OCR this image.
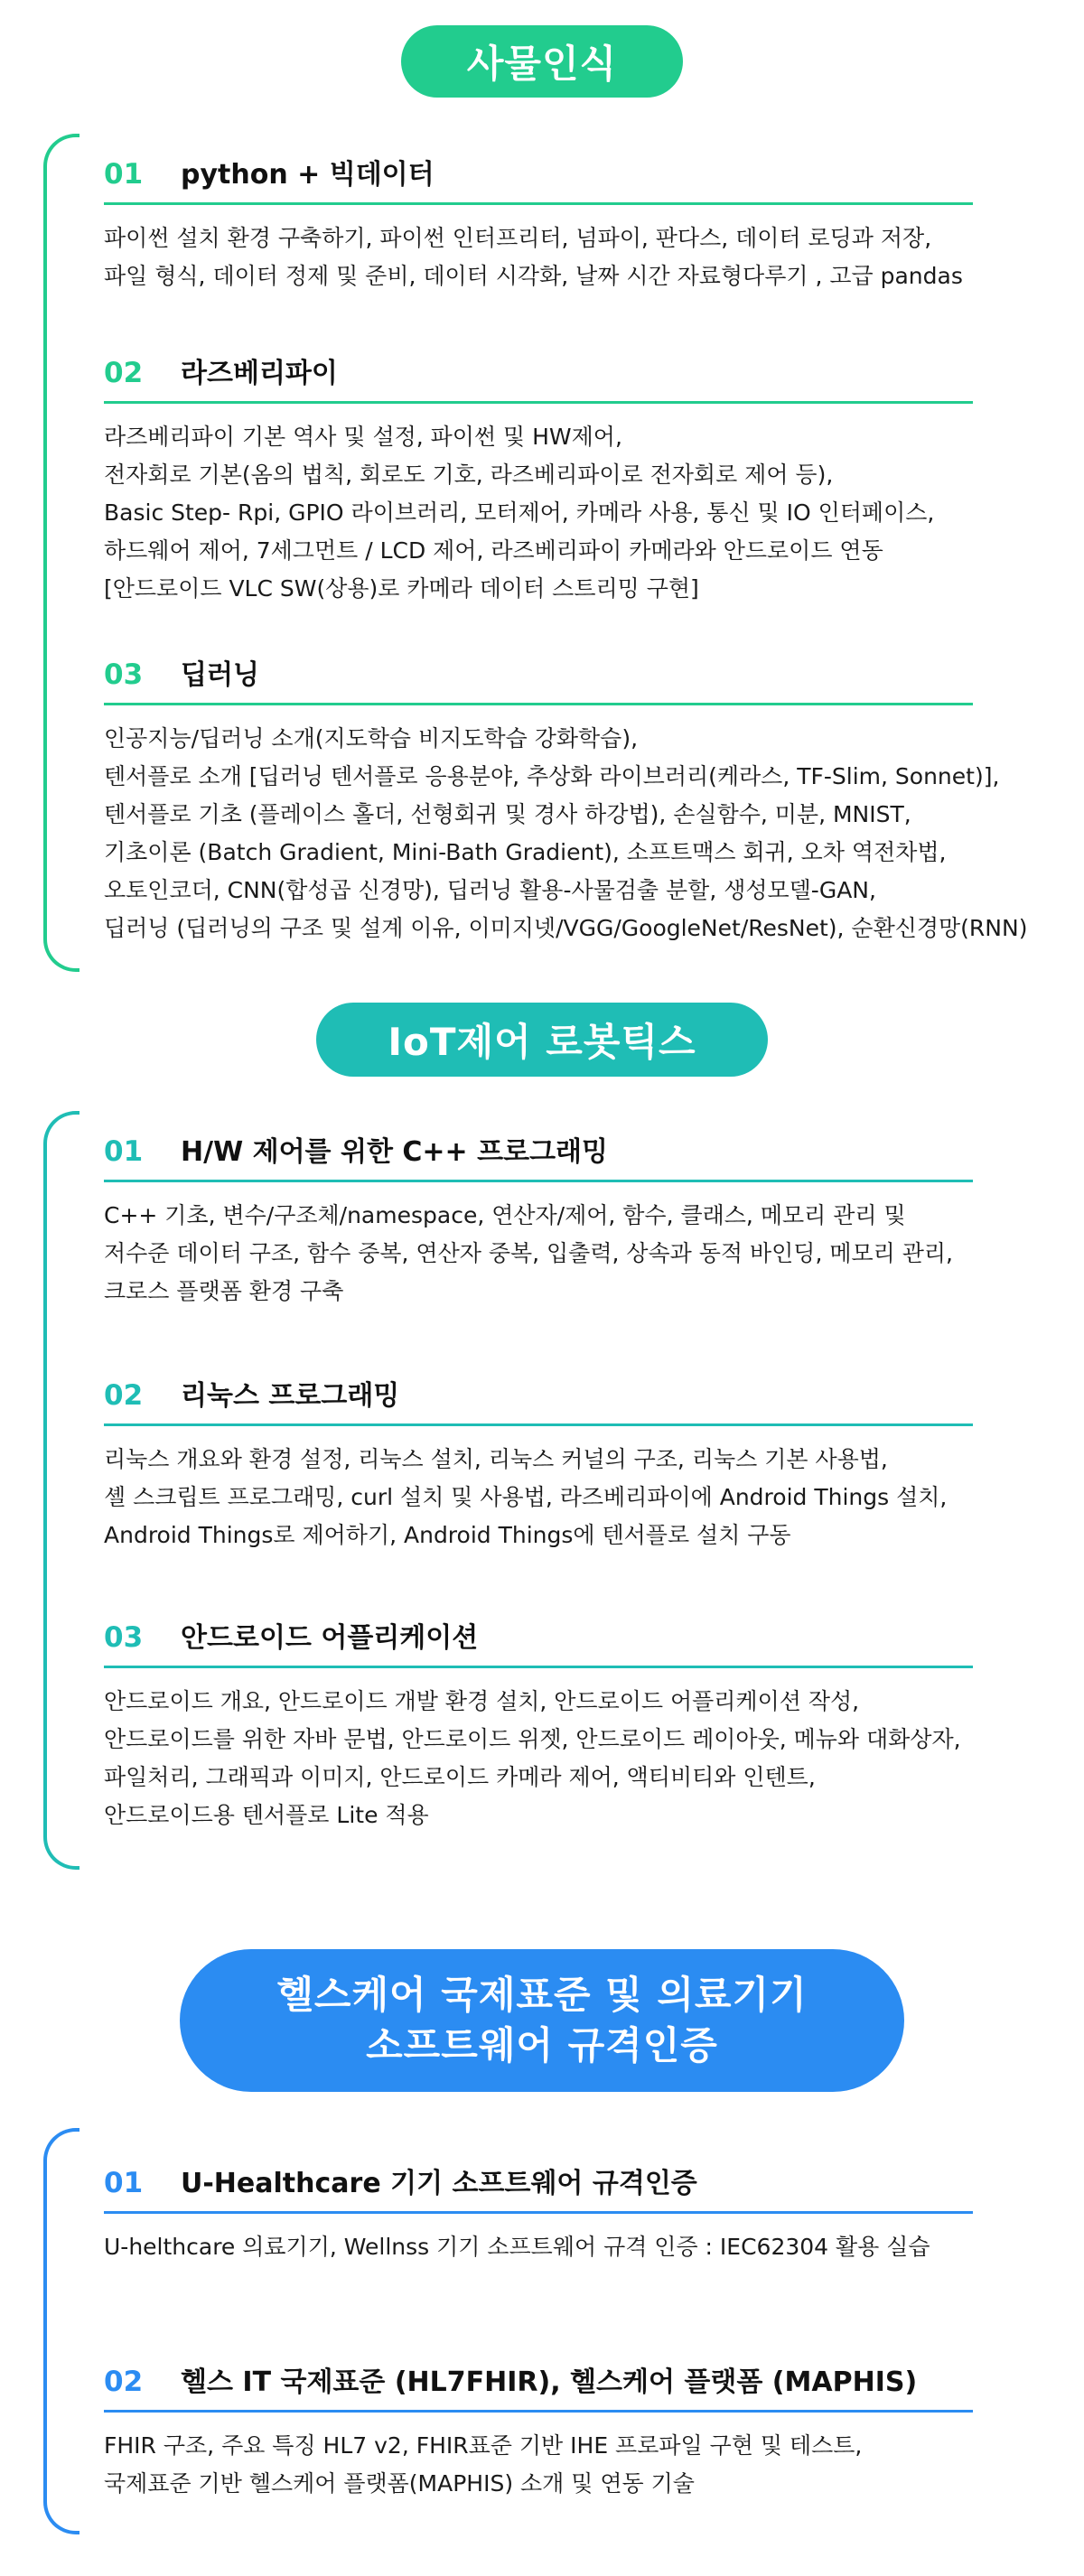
사물인식
01	python + 빅데이터
파이썬 설치 환경 구축하기, 파이썬 인터프리터, 넘파이, 판다스, 데이터 로딩과 저장,
파일 형식, 데이터 정제 및 준비, 데이터 시각화, 날짜 시간 자료형다루기 , 고급 pandas
02	라즈베리파이
라즈베리파이 기본 역사 및 설정, 파이썬 및 HW제어,
전자회로 기본(옴의 법칙, 회로도 기호, 라즈베리파이로 전자회로 제어 등),
Basic Step- Rpi, GPIO 라이브러리, 모터제어, 카메라 사용, 통신 및 IO 인터페이스,
하드웨어 제어, 7세그먼트 / LCD 제어, 라즈베리파이 카메라와 안드로이드 연동
[안드로이드 VLC SW(상용)로 카메라 데이터 스트리밍 구현]
03	딥러닝
인공지능/딥러닝 소개(지도학습 비지도학습 강화학습),
텐서플로 소개 [딥러닝 텐서플로 응용분야, 추상화 라이브러리(케라스, TF-Slim, Sonnet)],
텐서플로 기초 (플레이스 홀더, 선형회귀 및 경사 하강법), 손실함수, 미분, MNIST,
기초이론 (Batch Gradient, Mini-Bath Gradient), 소프트맥스 회귀, 오차 역전차법,
오토인코더, CNN(합성곱 신경망), 딥러닝 활용-사물검출 분할, 생성모델-GAN,
딥러닝 (딥러닝의 구조 및 설계 이유, 이미지넷/VGG/GoogleNet/ResNet), 순환신경망(RNN)
IoT제어 로봇틱스
01	H/W 제어를 위한 C++ 프로그래밍
C++ 기초, 변수/구조체/namespace, 연산자/제어, 함수, 클래스, 메모리 관리 및
저수준 데이터 구조, 함수 중복, 연산자 중복, 입출력, 상속과 동적 바인딩, 메모리 관리,
크로스 플랫폼 환경 구축
02	리눅스 프로그래밍
리눅스 개요와 환경 설정, 리눅스 설치, 리눅스 커널의 구조, 리눅스 기본 사용법,
셸 스크립트 프로그래밍, curl 설치 및 사용법, 라즈베리파이에 Android Things 설치,
Android Things로 제어하기, Android Things에 텐서플로 설치 구동
03	안드로이드 어플리케이션
안드로이드 개요, 안드로이드 개발 환경 설치, 안드로이드 어플리케이션 작성,
안드로이드를 위한 자바 문법, 안드로이드 위젯, 안드로이드 레이아웃, 메뉴와 대화상자,
파일처리, 그래픽과 이미지, 안드로이드 카메라 제어, 액티비티와 인텐트,
안드로이드용 텐서플로 Lite 적용
헬스케어 국제표준 및 의료기기
소프트웨어 규격인증
01	U-Healthcare 기기 소프트웨어 규격인증
U-helthcare 의료기기, Wellnss 기기 소프트웨어 규격 인증 : IEC62304 활용 실습
02	헬스 IT 국제표준 (HL7FHIR), 헬스케어 플랫폼 (MAPHIS)
FHIR 구조, 주요 특징 HL7 v2, FHIR표준 기반 IHE 프로파일 구현 및 테스트,
국제표준 기반 헬스케어 플랫폼(MAPHIS) 소개 및 연동 기술
